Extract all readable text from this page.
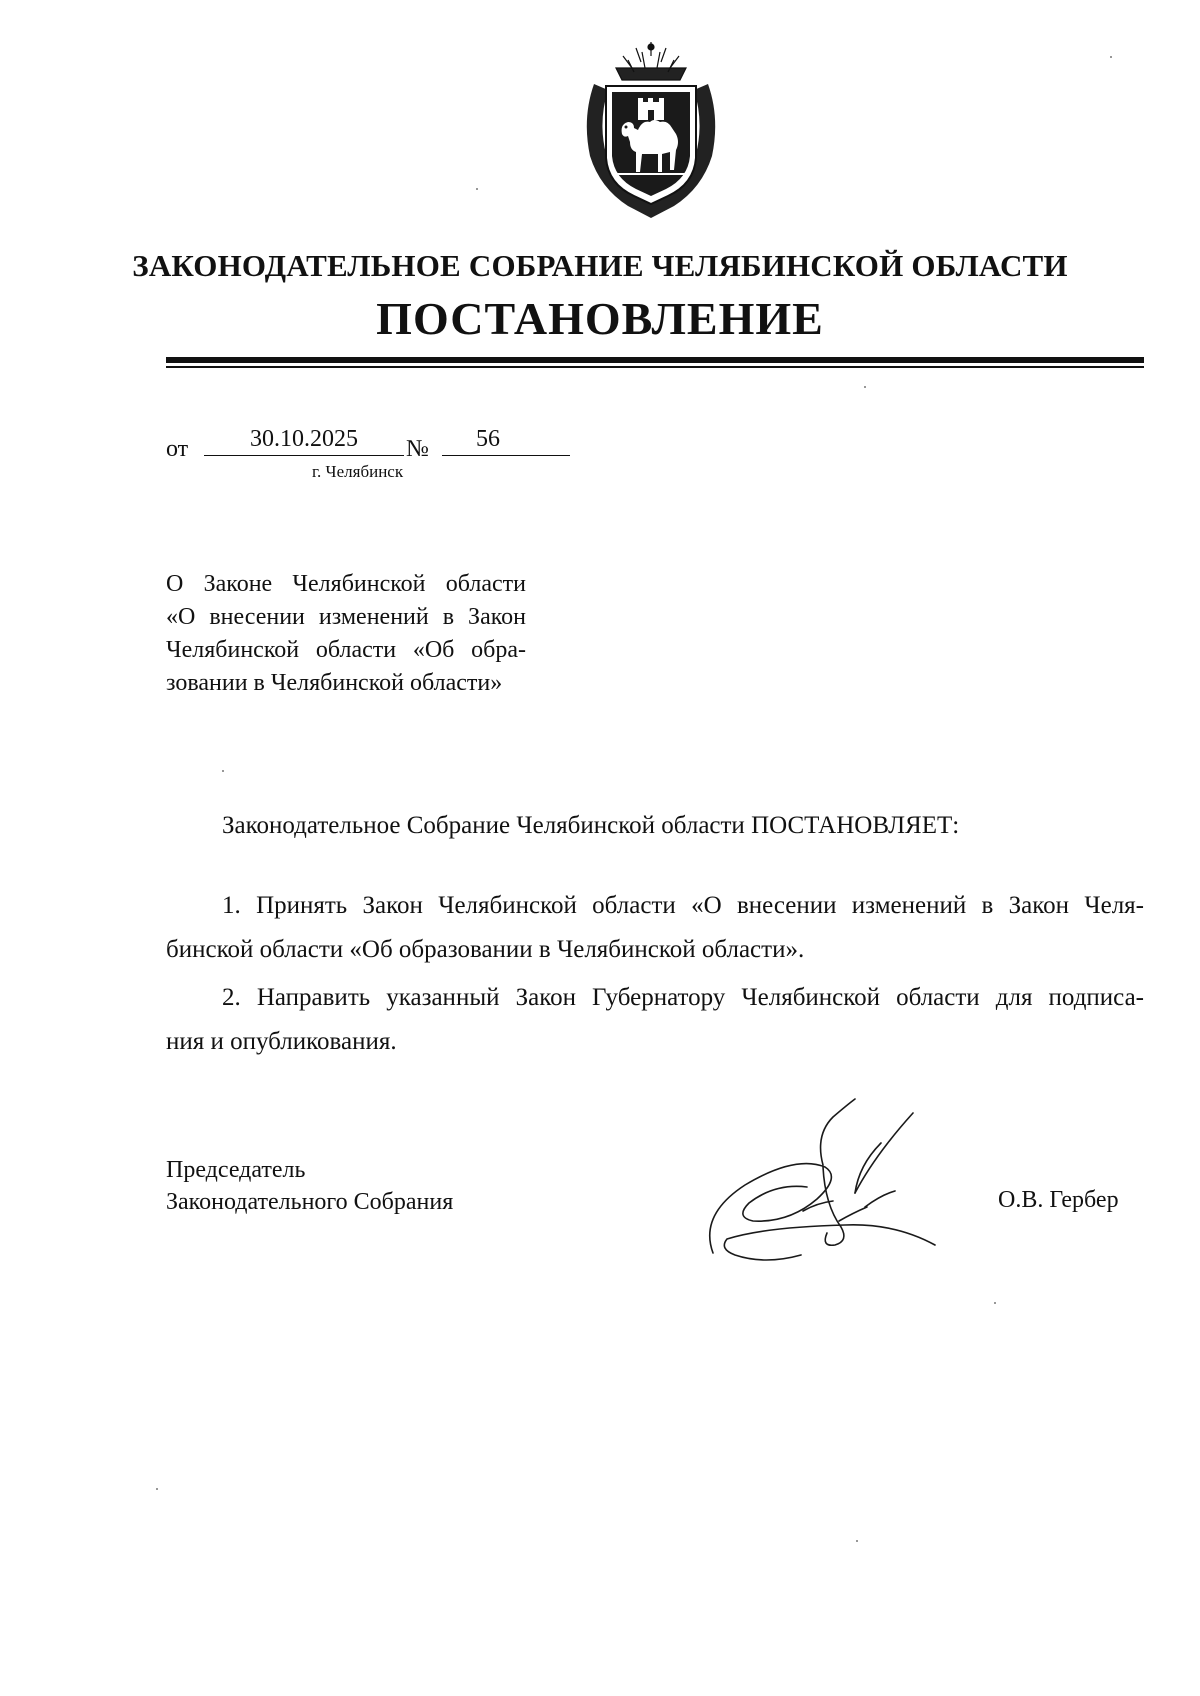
ЗАКОНОДАТЕЛЬНОЕ СОБРАНИЕ ЧЕЛЯБИНСКОЙ ОБЛАСТИ
ПОСТАНОВЛЕНИЕ
от	30.10.2025	№	56
г. Челябинск
О Законе Челябинской области
«О внесении изменений в Закон
Челябинской области «Об обра-
зовании в Челябинской области»
Законодательное Собрание Челябинской области ПОСТАНОВЛЯЕТ:
1. Принять Закон Челябинской области «О внесении изменений в Закон Челя-
бинской области «Об образовании в Челябинской области».
2. Направить указанный Закон Губернатору Челябинской области для подписа-
ния и опубликования.
Председатель
Законодательного Собрания	О.В. Гербер
